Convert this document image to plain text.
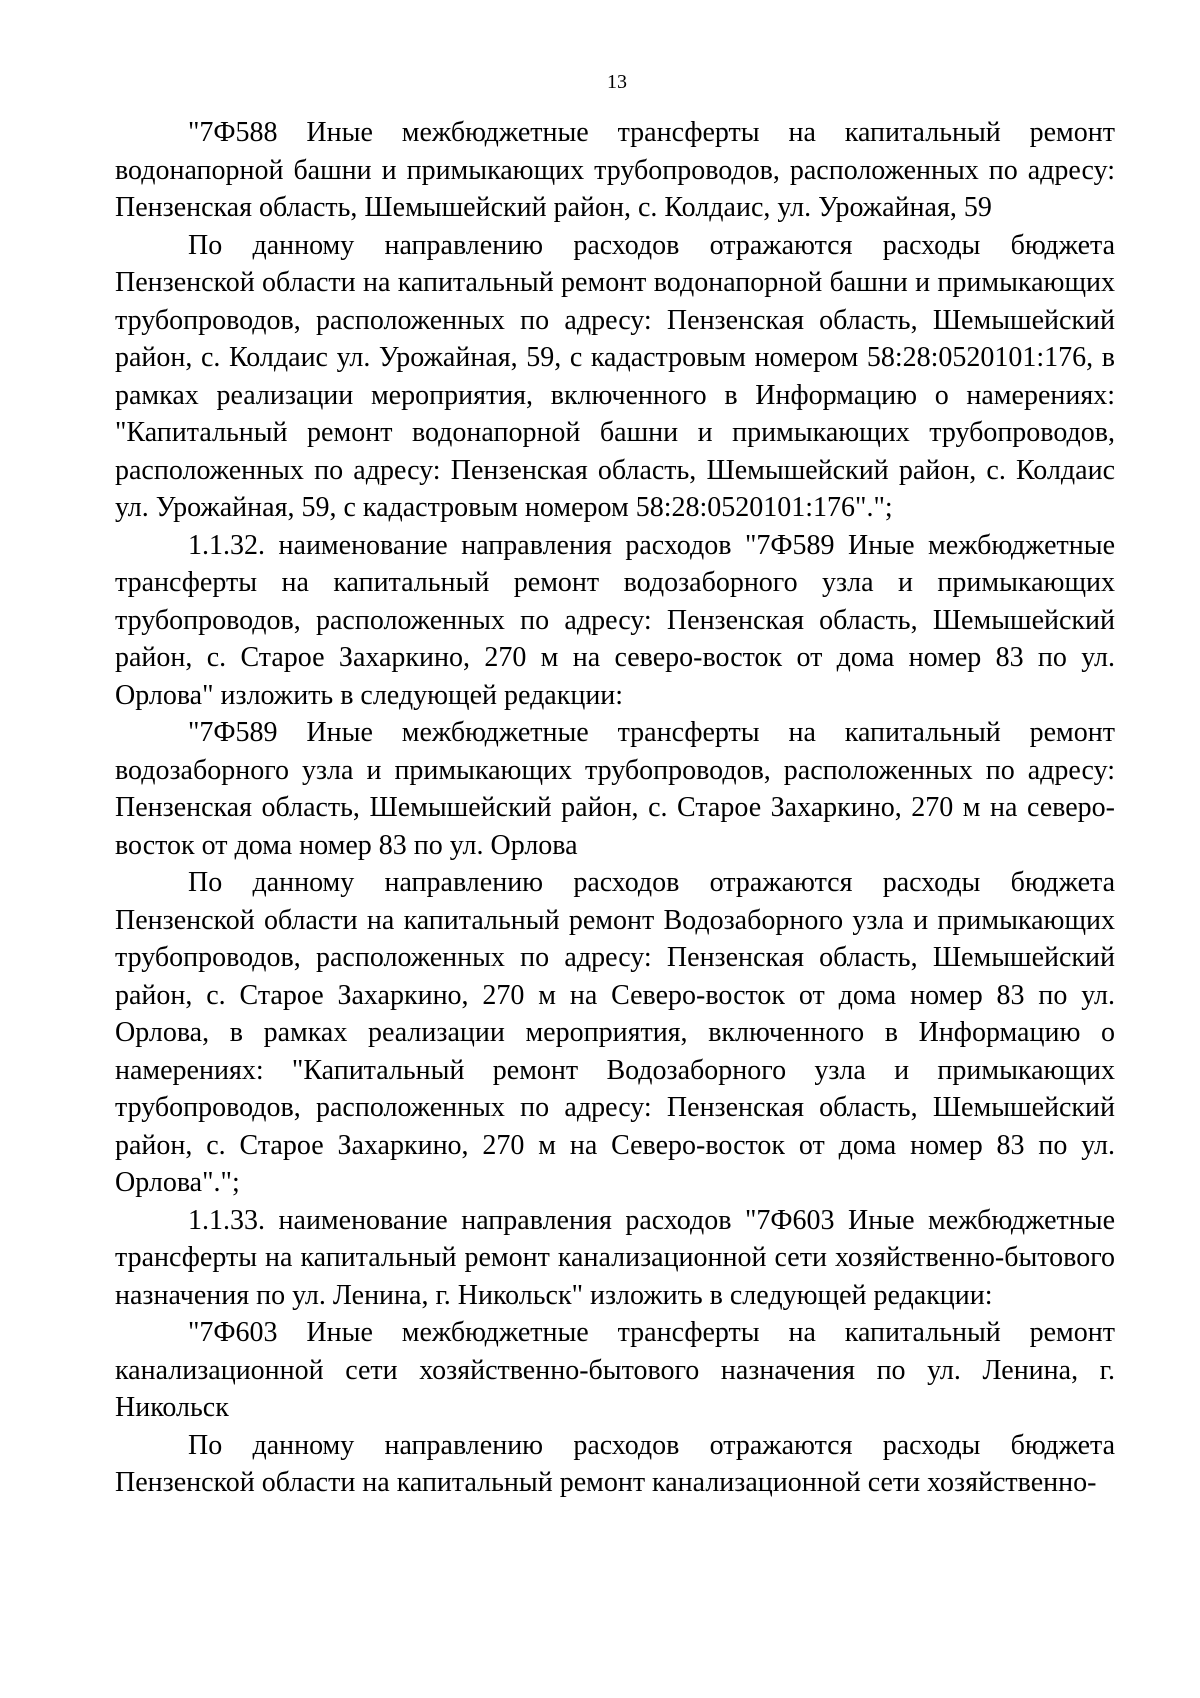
13

"7Ф588 Иные межбюджетные трансферты на капитальный ремонт водонапорной башни и примыкающих трубопроводов, расположенных по адресу: Пензенская область, Шемышейский район, с. Колдаис, ул. Урожайная, 59

По данному направлению расходов отражаются расходы бюджета Пензенской области на капитальный ремонт водонапорной башни и примыкающих трубопроводов, расположенных по адресу: Пензенская область, Шемышейский район, с. Колдаис ул. Урожайная, 59, с кадастровым номером 58:28:0520101:176, в рамках реализации мероприятия, включенного в Информацию о намерениях: "Капитальный ремонт водонапорной башни и примыкающих трубопроводов, расположенных по адресу: Пензенская область, Шемышейский район, с. Колдаис ул. Урожайная, 59, с кадастровым номером 58:28:0520101:176".";

1.1.32. наименование направления расходов "7Ф589 Иные межбюджетные трансферты на капитальный ремонт водозаборного узла и примыкающих трубопроводов, расположенных по адресу: Пензенская область, Шемышейский район, с. Старое Захаркино, 270 м на северо-восток от дома номер 83 по ул. Орлова" изложить в следующей редакции:

"7Ф589 Иные межбюджетные трансферты на капитальный ремонт водозаборного узла и примыкающих трубопроводов, расположенных по адресу: Пензенская область, Шемышейский район, с. Старое Захаркино, 270 м на северо-восток от дома номер 83 по ул. Орлова

По данному направлению расходов отражаются расходы бюджета Пензенской области на капитальный ремонт Водозаборного узла и примыкающих трубопроводов, расположенных по адресу: Пензенская область, Шемышейский район, с. Старое Захаркино, 270 м на Северо-восток от дома номер 83 по ул. Орлова, в рамках реализации мероприятия, включенного в Информацию о намерениях: "Капитальный ремонт Водозаборного узла и примыкающих трубопроводов, расположенных по адресу: Пензенская область, Шемышейский район, с. Старое Захаркино, 270 м на Северо-восток от дома номер 83 по ул. Орлова".";

1.1.33. наименование направления расходов "7Ф603 Иные межбюджетные трансферты на капитальный ремонт канализационной сети хозяйственно-бытового назначения по ул. Ленина, г. Никольск" изложить в следующей редакции:

"7Ф603 Иные межбюджетные трансферты на капитальный ремонт канализационной сети хозяйственно-бытового назначения по ул. Ленина, г. Никольск

По данному направлению расходов отражаются расходы бюджета Пензенской области на капитальный ремонт канализационной сети хозяйственно-
